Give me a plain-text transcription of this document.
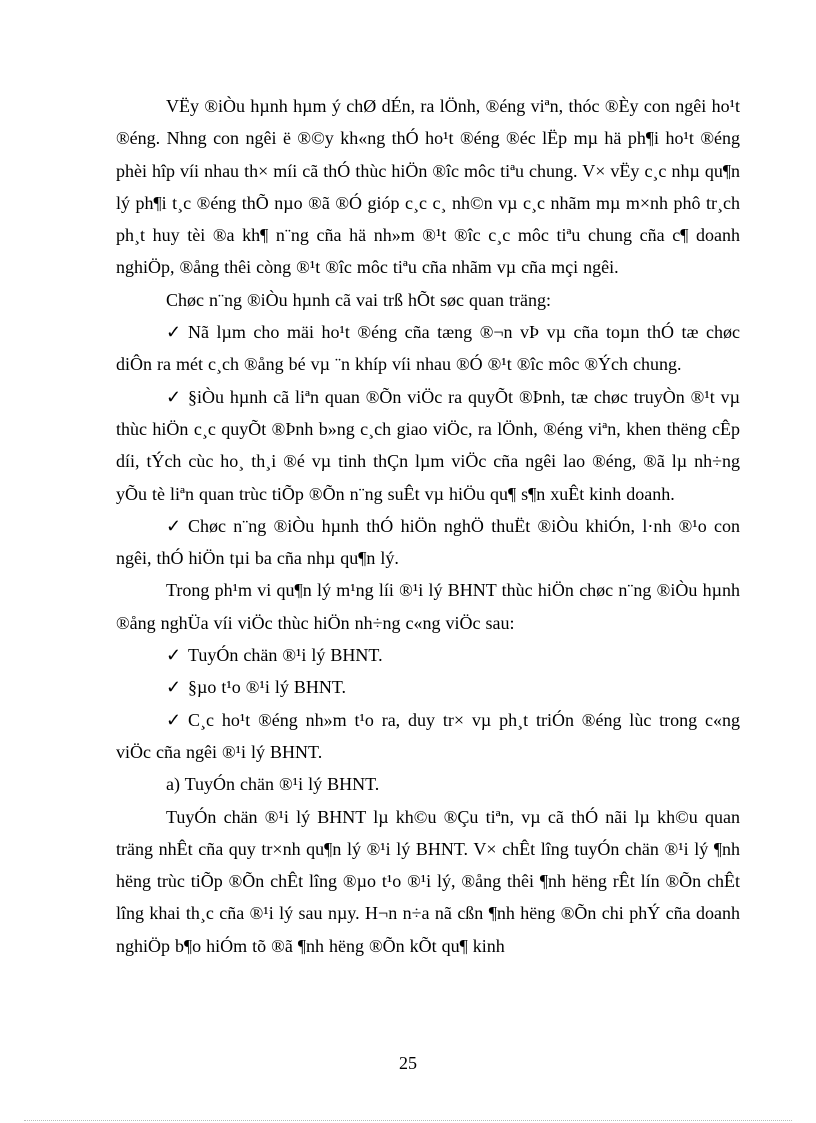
VËy ®iÒu hµnh hµm ý chØ dÉn, ra lÖnh, ®éng viªn, thóc ®Èy con ngêi ho¹t ®éng. Nhng con ngêi ë ®©y kh«ng thÓ ho¹t ®éng ®éc lËp mµ hä ph¶i ho¹t ®éng phèi hîp víi nhau th× míi cã thÓ thùc hiÖn ®îc môc tiªu chung. V× vËy c¸c nhµ qu¶n lý ph¶i t¸c ®éng thÕ nµo ®ã ®Ó gióp c¸c c¸ nh©n vµ c¸c nhãm mµ m×nh phô tr¸ch ph¸t huy tèi ®a kh¶ n¨ng cña hä nh»m ®¹t ®îc c¸c môc tiªu chung cña c¶ doanh nghiÖp, ®ång thêi còng ®¹t ®îc môc tiªu cña nhãm vµ cña mçi ngêi.

Chøc n¨ng ®iÒu hµnh cã vai trß hÕt søc quan träng:

✓ Nã lµm cho mäi ho¹t ®éng cña tæng ®¬n vÞ vµ cña toµn thÓ tæ chøc diÔn ra mét c¸ch ®ång bé vµ ¨n khíp víi nhau ®Ó ®¹t ®îc môc ®Ých chung.

✓ §iÒu hµnh cã liªn quan ®Õn viÖc ra quyÕt ®Þnh, tæ chøc truyÒn ®¹t vµ thùc hiÖn c¸c quyÕt ®Þnh b»ng c¸ch giao viÖc, ra lÖnh, ®éng viªn, khen thëng cÊp díi, tÝch cùc ho¸ th¸i ®é vµ tinh thÇn lµm viÖc cña ngêi lao ®éng, ®ã lµ nh÷ng yÕu tè liªn quan trùc tiÕp ®Õn n¨ng suÊt vµ hiÖu qu¶ s¶n xuÊt kinh doanh.

✓ Chøc n¨ng ®iÒu hµnh thÓ hiÖn nghÖ thuËt ®iÒu khiÓn, l·nh ®¹o con ngêi, thÓ hiÖn tµi ba cña nhµ qu¶n lý.

Trong ph¹m vi qu¶n lý m¹ng líi ®¹i lý BHNT thùc hiÖn chøc n¨ng ®iÒu hµnh ®ång nghÜa víi viÖc thùc hiÖn nh÷ng c«ng viÖc sau:

✓ TuyÓn chän ®¹i lý BHNT.

✓ §µo t¹o ®¹i lý BHNT.

✓ C¸c ho¹t ®éng nh»m t¹o ra, duy tr× vµ ph¸t triÓn ®éng lùc trong c«ng viÖc cña ngêi ®¹i lý BHNT.

a) TuyÓn chän ®¹i lý BHNT.

TuyÓn chän ®¹i lý BHNT lµ kh©u ®Çu tiªn, vµ cã thÓ nãi lµ kh©u quan träng nhÊt cña quy tr×nh qu¶n lý ®¹i lý BHNT. V× chÊt lîng tuyÓn chän ®¹i lý ¶nh hëng trùc tiÕp ®Õn chÊt lîng ®µo t¹o ®¹i lý, ®ång thêi ¶nh hëng rÊt lín ®Õn chÊt lîng khai th¸c cña ®¹i lý sau nµy. H¬n n÷a nã cßn ¶nh hëng ®Õn chi phÝ cña doanh nghiÖp b¶o hiÓm tõ ®ã ¶nh hëng ®Õn kÕt qu¶ kinh

25
